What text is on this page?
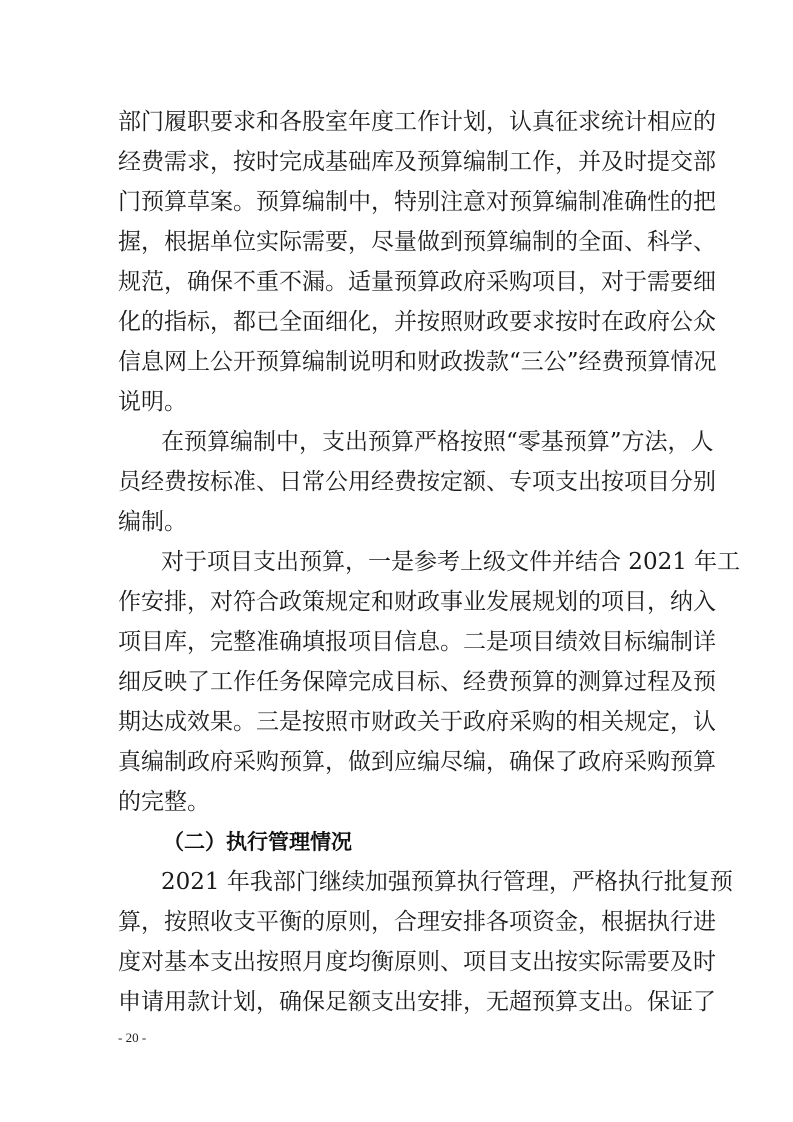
部门履职要求和各股室年度工作计划，认真征求统计相应的
经费需求，按时完成基础库及预算编制工作，并及时提交部
门预算草案。预算编制中，特别注意对预算编制准确性的把
握，根据单位实际需要，尽量做到预算编制的全面、科学、
规范，确保不重不漏。适量预算政府采购项目，对于需要细
化的指标，都已全面细化，并按照财政要求按时在政府公众
信息网上公开预算编制说明和财政拨款“三公”经费预算情况
说明。
在预算编制中，支出预算严格按照“零基预算”方法，人
员经费按标准、日常公用经费按定额、专项支出按项目分别
编制。
对于项目支出预算，一是参考上级文件并结合 2021 年工
作安排，对符合政策规定和财政事业发展规划的项目，纳入
项目库，完整准确填报项目信息。二是项目绩效目标编制详
细反映了工作任务保障完成目标、经费预算的测算过程及预
期达成效果。三是按照市财政关于政府采购的相关规定，认
真编制政府采购预算，做到应编尽编，确保了政府采购预算
的完整。
（二）执行管理情况
2021 年我部门继续加强预算执行管理，严格执行批复预
算，按照收支平衡的原则，合理安排各项资金，根据执行进
度对基本支出按照月度均衡原则、项目支出按实际需要及时
申请用款计划，确保足额支出安排，无超预算支出。保证了
- 20 -
